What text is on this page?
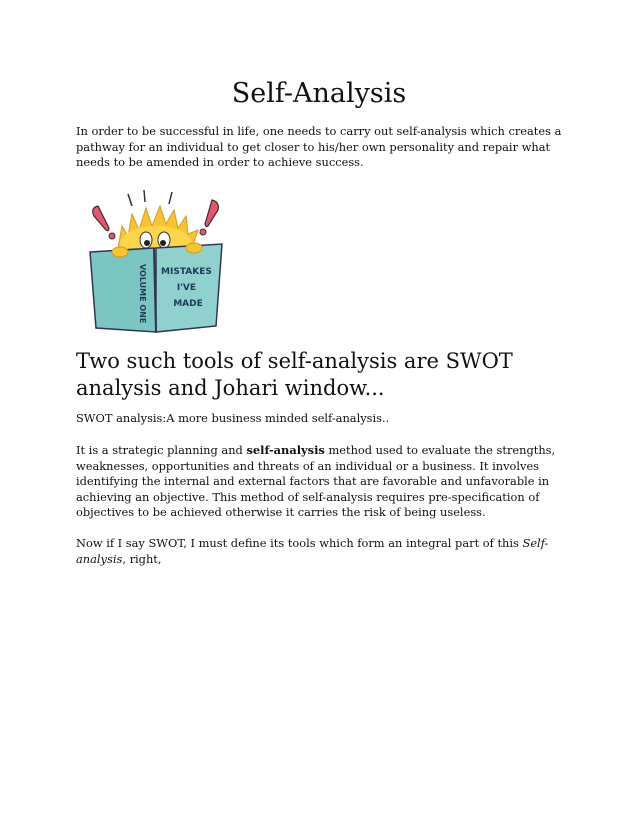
Self-Analysis

In order to be successful in life, one needs to carry out self-analysis which creates a pathway for an individual to get closer to his/her own personality and repair what needs to be amended in order to achieve success.

VOLUME ONE MISTAKES I'VE MADE
Two such tools of self-analysis are SWOT analysis and Johari window...

SWOT analysis:A more business minded self-analysis..

It is a strategic planning and self-analysis method used to evaluate the strengths, weaknesses, opportunities and threats of an individual or a business. It involves identifying the internal and external factors that are favorable and unfavorable in achieving an objective. This method of self-analysis requires pre-specification of objectives to be achieved otherwise it carries the risk of being useless.

Now if I say SWOT, I must define its tools which form an integral part of this Self-analysis, right,
